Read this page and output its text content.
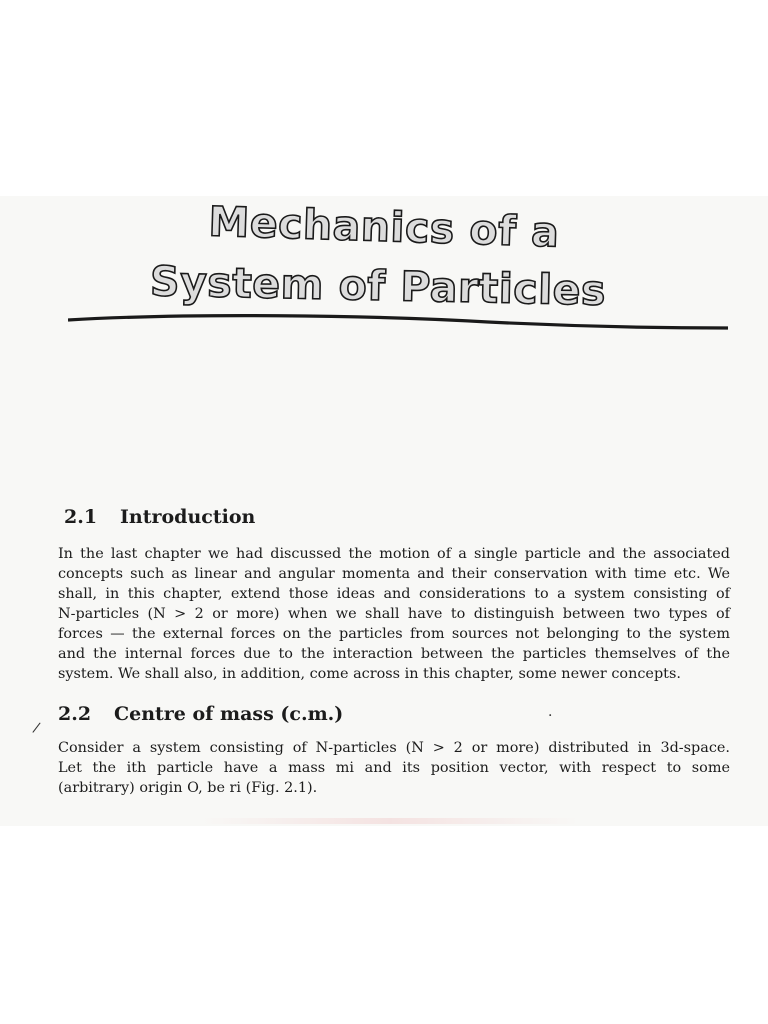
Mechanics of a
System of Particles
2.1 Introduction
In the last chapter we had discussed the motion of a single particle and the associated
concepts such as linear and angular momenta and their conservation with time etc. We
shall, in this chapter, extend those ideas and considerations to a system consisting of
N-particles (N > 2 or more) when we shall have to distinguish between two types of
forces — the external forces on the particles from sources not belonging to the system
and the internal forces due to the interaction between the particles themselves of the
system. We shall also, in addition, come across in this chapter, some newer concepts.
2.2 Centre of mass (c.m.)
/
·
Consider a system consisting of N-particles (N > 2 or more) distributed in 3d-space.
Let the ith particle have a mass mi and its position vector, with respect to some
(arbitrary) origin O, be ri (Fig. 2.1).
